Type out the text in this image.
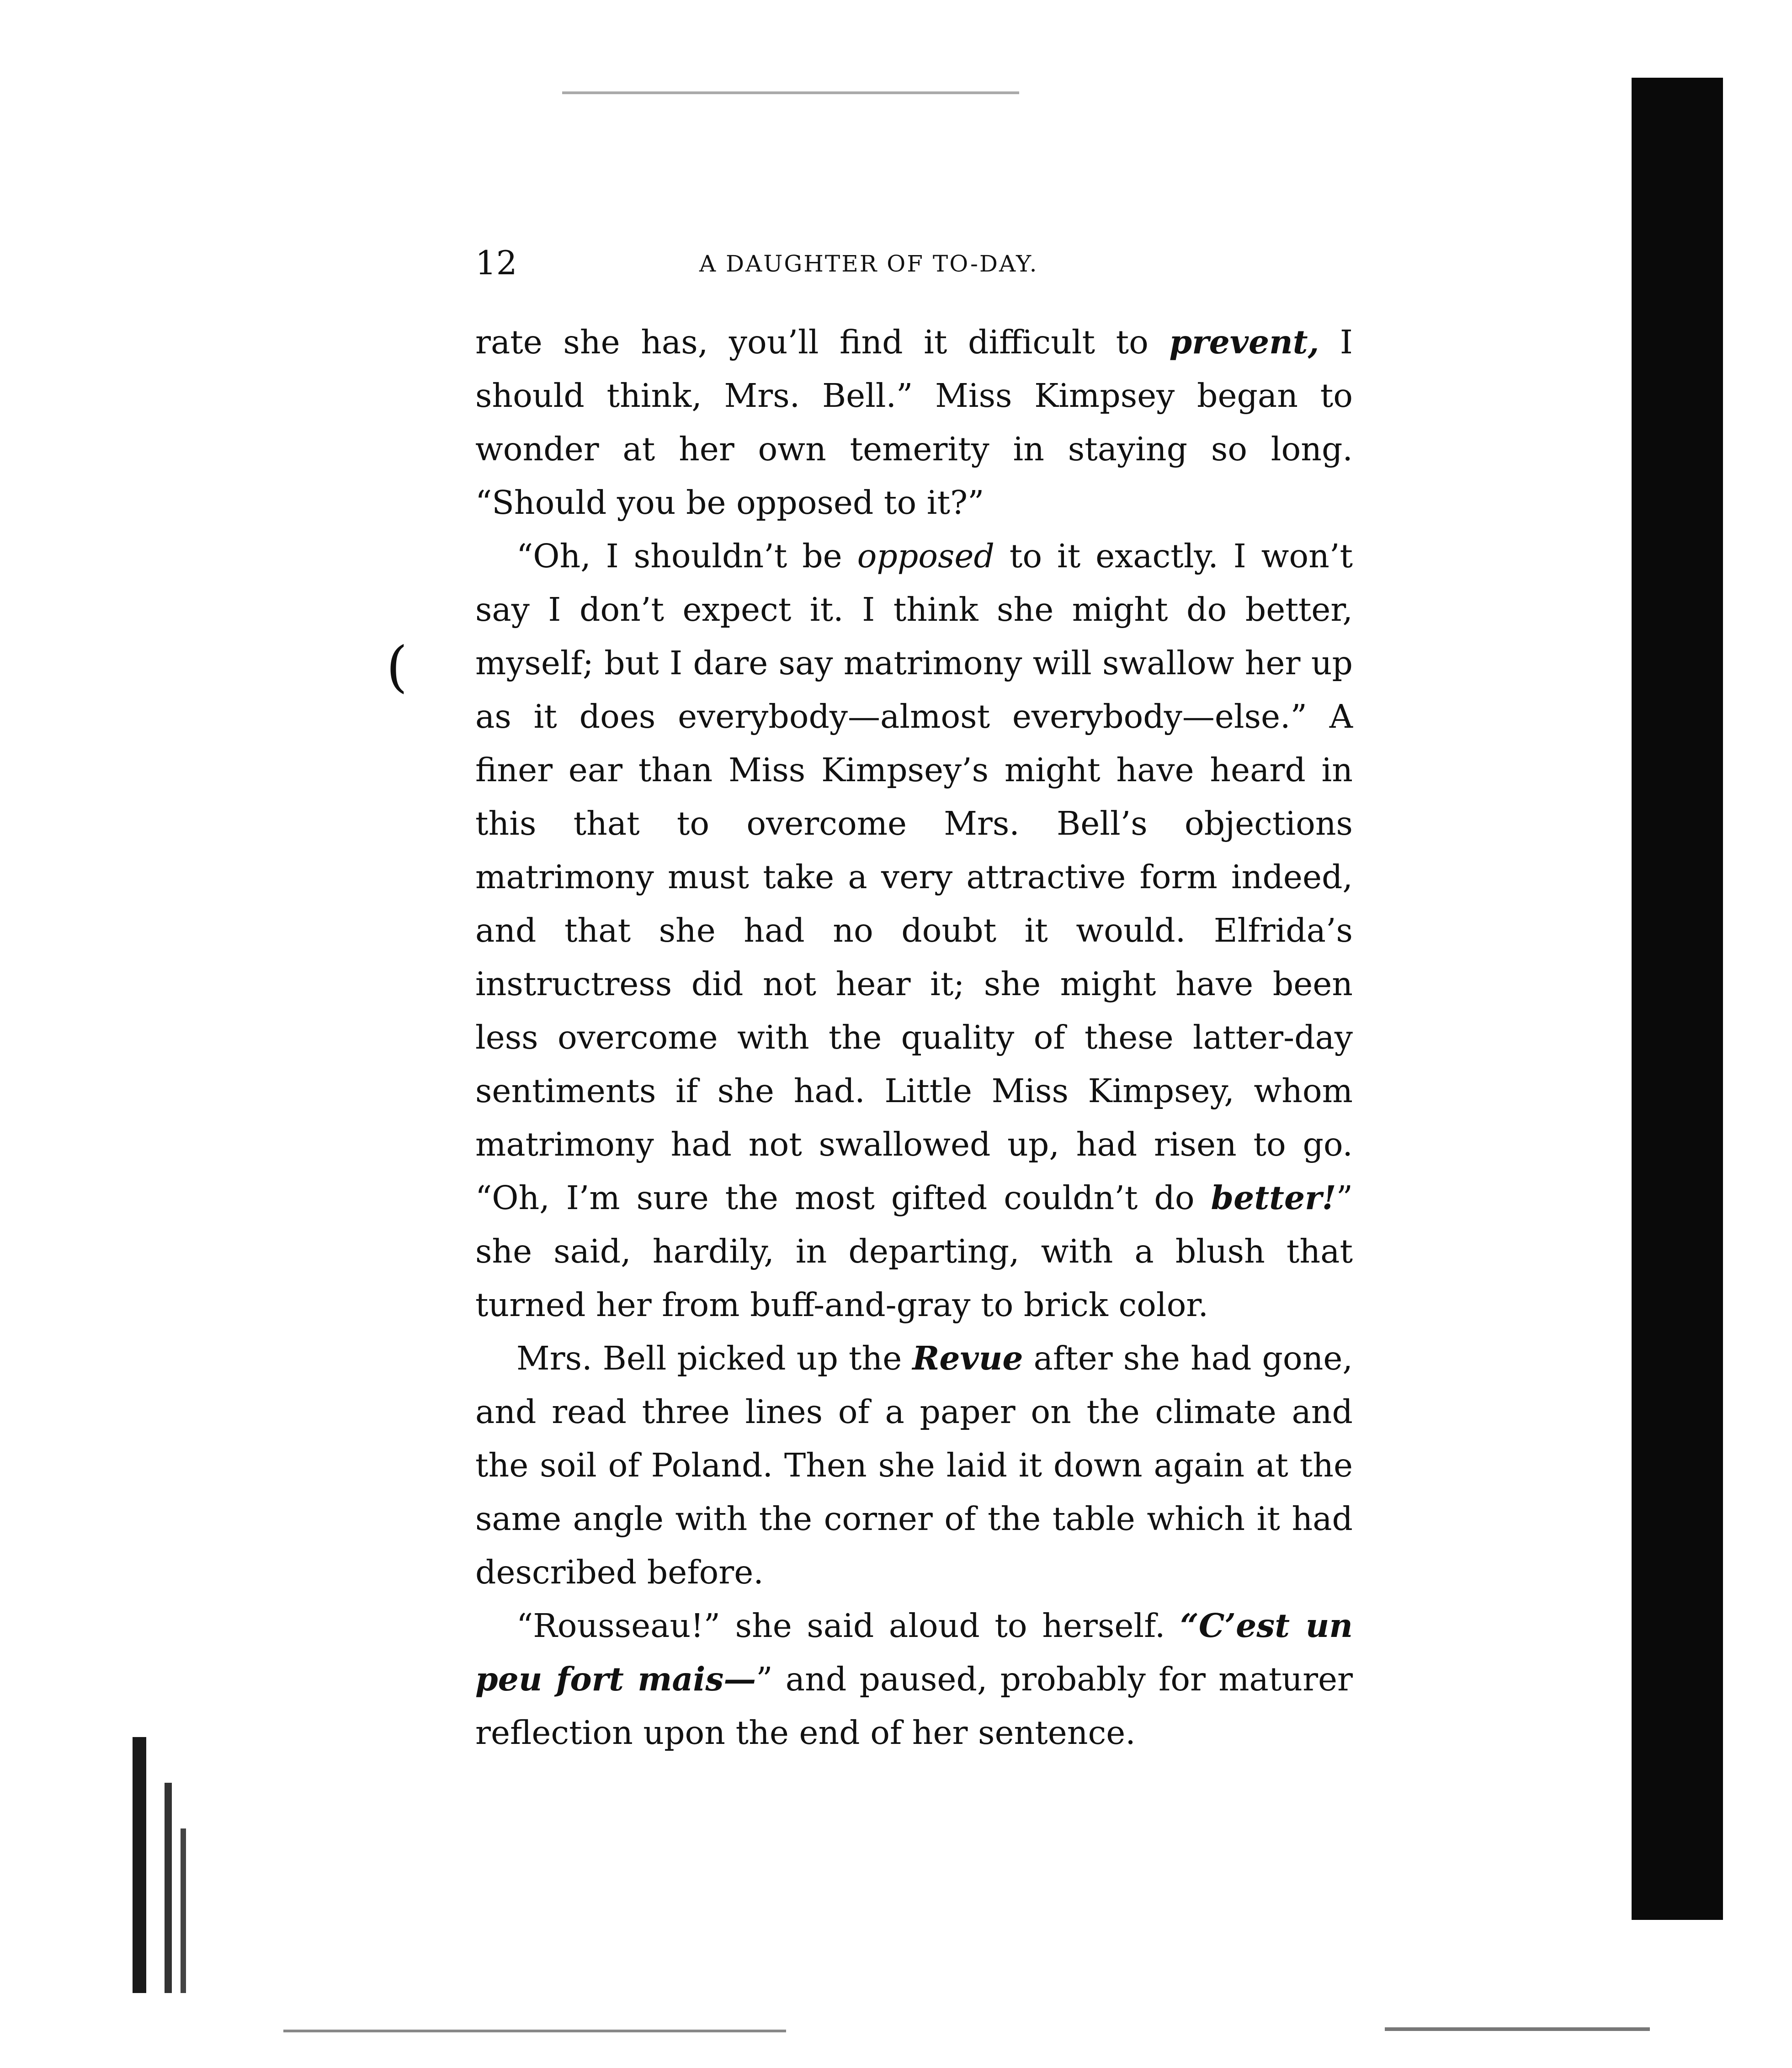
(
12	A DAUGHTER OF TO-DAY.

rate she has, you’ll find it difficult to prevent, I should think, Mrs. Bell.” Miss Kimpsey began to wonder at her own temerity in staying so long. “Should you be opposed to it?”

“Oh, I shouldn’t be opposed to it exactly. I won’t say I don’t expect it. I think she might do better, myself; but I dare say matrimony will swallow her up as it does everybody—almost everybody—else.” A finer ear than Miss Kimpsey’s might have heard in this that to overcome Mrs. Bell’s objections matrimony must take a very attractive form indeed, and that she had no doubt it would. Elfrida’s instructress did not hear it; she might have been less overcome with the quality of these latter-day sentiments if she had. Little Miss Kimpsey, whom matrimony had not swallowed up, had risen to go. “Oh, I’m sure the most gifted couldn’t do better!” she said, hardily, in departing, with a blush that turned her from buff-and-gray to brick color.

Mrs. Bell picked up the Revue after she had gone, and read three lines of a paper on the climate and the soil of Poland. Then she laid it down again at the same angle with the corner of the table which it had described before.

“Rousseau!” she said aloud to herself. “C’est un peu fort mais—” and paused, probably for maturer reflection upon the end of her sentence.
